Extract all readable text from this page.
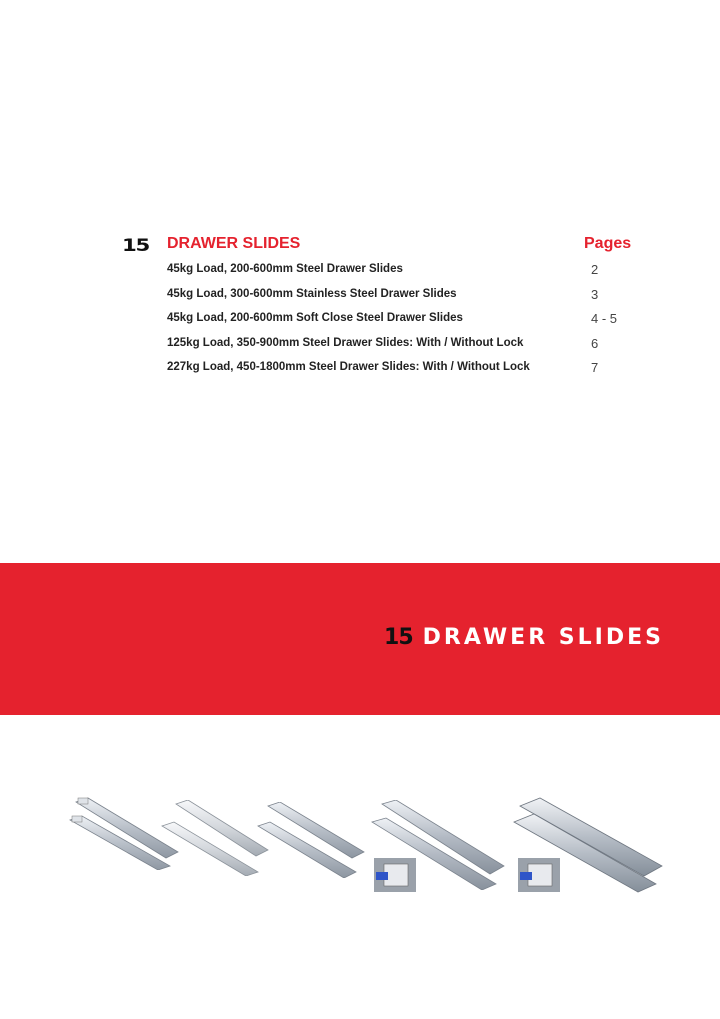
15 DRAWER SLIDES	Pages
45kg Load, 200-600mm Steel Drawer Slides	2
45kg Load, 300-600mm Stainless Steel Drawer Slides	3
45kg Load, 200-600mm Soft Close Steel Drawer Slides	4 - 5
125kg Load, 350-900mm Steel Drawer Slides: With / Without Lock	6
227kg Load, 450-1800mm Steel Drawer Slides: With / Without Lock	7
15 DRAWER SLIDES
